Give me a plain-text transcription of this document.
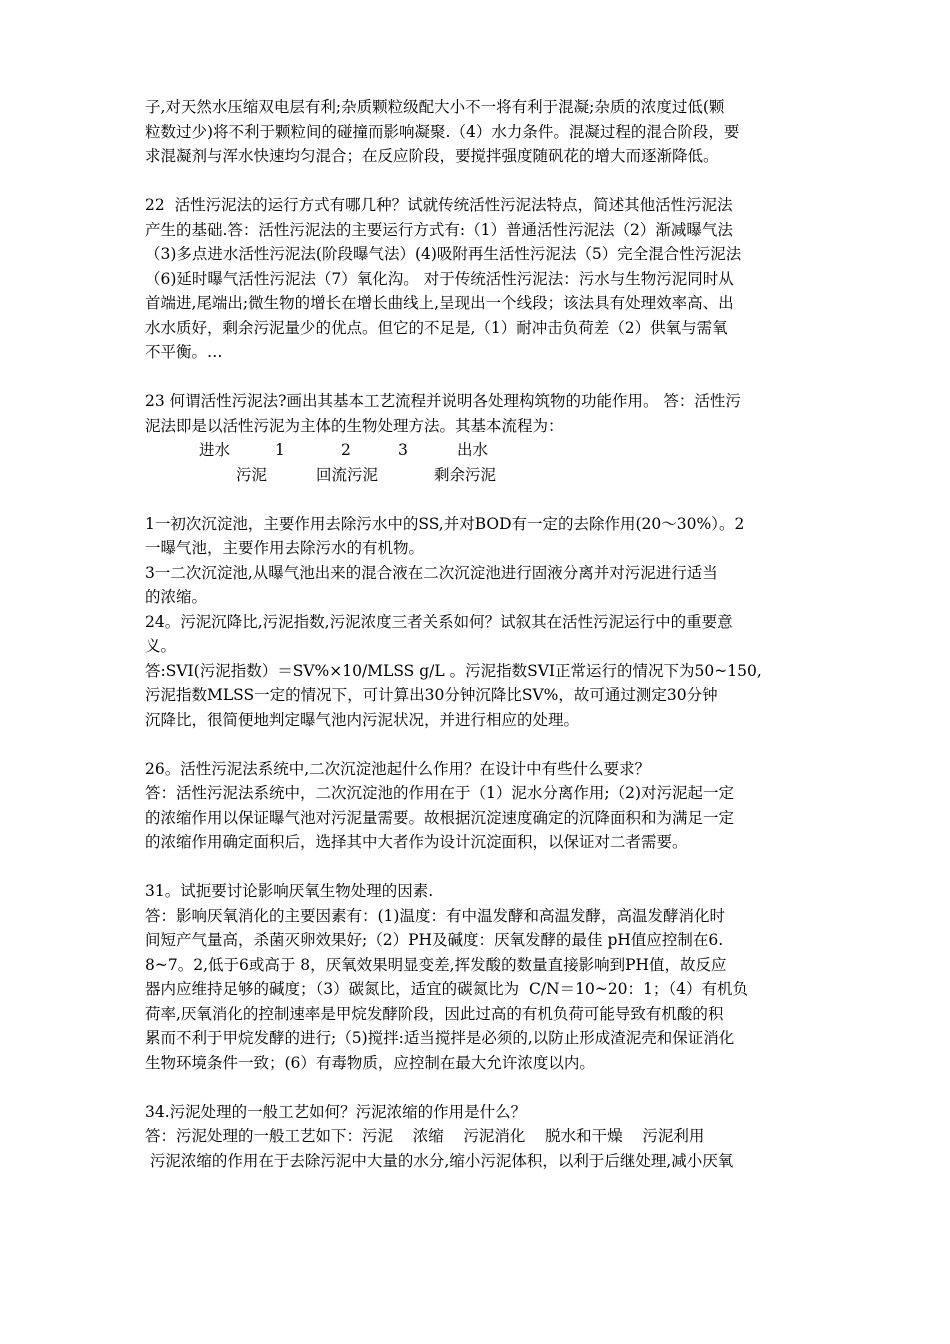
子,对天然水压缩双电层有利;杂质颗粒级配大小不一将有利于混凝;杂质的浓度过低(颗
粒数过少)将不利于颗粒间的碰撞而影响凝聚.（4）水力条件。混凝过程的混合阶段，要
求混凝剂与浑水快速均匀混合；在反应阶段，要搅拌强度随矾花的增大而逐渐降低。
22  活性污泥法的运行方式有哪几种？试就传统活性污泥法特点，简述其他活性污泥法
产生的基础.答：活性污泥法的主要运行方式有:（1）普通活性污泥法（2）渐减曝气法
（3)多点进水活性污泥法(阶段曝气法）(4)吸附再生活性污泥法（5）完全混合性污泥法
（6)延时曝气活性污泥法（7）氧化沟。 对于传统活性污泥法：污水与生物污泥同时从
首端进,尾端出;微生物的增长在增长曲线上,呈现出一个线段；该法具有处理效率高、出
水水质好，剩余污泥量少的优点。但它的不足是,（1）耐冲击负荷差（2）供氧与需氧
不平衡。…
23 何谓活性污泥法?画出其基本工艺流程并说明各处理构筑物的功能作用。 答：活性污
泥法即是以活性污泥为主体的生物处理方法。其基本流程为：
进水	1	2	3	出水
污泥	回流污泥	剩余污泥
1一初次沉淀池，主要作用去除污水中的SS,并对BOD有一定的去除作用(20～30%）。2
一曝气池，主要作用去除污水的有机物。
3一二次沉淀池,从曝气池出来的混合液在二次沉淀池进行固液分离并对污泥进行适当
的浓缩。
24。污泥沉降比,污泥指数,污泥浓度三者关系如何？试叙其在活性污泥运行中的重要意
义。
答:SVI(污泥指数）＝SV%×10/MLSS g/L 。污泥指数SVI正常运行的情况下为50~150,
污泥指数MLSS一定的情况下，可计算出30分钟沉降比SV%，故可通过测定30分钟
沉降比，很简便地判定曝气池内污泥状况，并进行相应的处理。
26。活性污泥法系统中,二次沉淀池起什么作用？在设计中有些什么要求？
答：活性污泥法系统中，二次沉淀池的作用在于（1）泥水分离作用;（2)对污泥起一定
的浓缩作用以保证曝气池对污泥量需要。故根据沉淀速度确定的沉降面积和为满足一定
的浓缩作用确定面积后，选择其中大者作为设计沉淀面积，以保证对二者需要。
31。试扼要讨论影响厌氧生物处理的因素.
答：影响厌氧消化的主要因素有：(1)温度：有中温发酵和高温发酵，高温发酵消化时
间短产气量高，杀菌灭卵效果好;（2）PH及碱度：厌氧发酵的最佳 pH值应控制在6.
8~7。2,低于6或高于 8，厌氧效果明显变差,挥发酸的数量直接影响到PH值，故反应
器内应维持足够的碱度；（3）碳氮比，适宜的碳氮比为  C/N＝10~20：1；（4）有机负
荷率,厌氧消化的控制速率是甲烷发酵阶段，因此过高的有机负荷可能导致有机酸的积
累而不利于甲烷发酵的进行;（5)搅拌:适当搅拌是必须的,以防止形成渣泥壳和保证消化
生物环境条件一致；(6）有毒物质，应控制在最大允许浓度以内。
34.污泥处理的一般工艺如何？污泥浓缩的作用是什么？
答：污泥处理的一般工艺如下：污泥    浓缩    污泥消化    脱水和干燥    污泥利用
污泥浓缩的作用在于去除污泥中大量的水分,缩小污泥体积，以利于后继处理,减小厌氧
